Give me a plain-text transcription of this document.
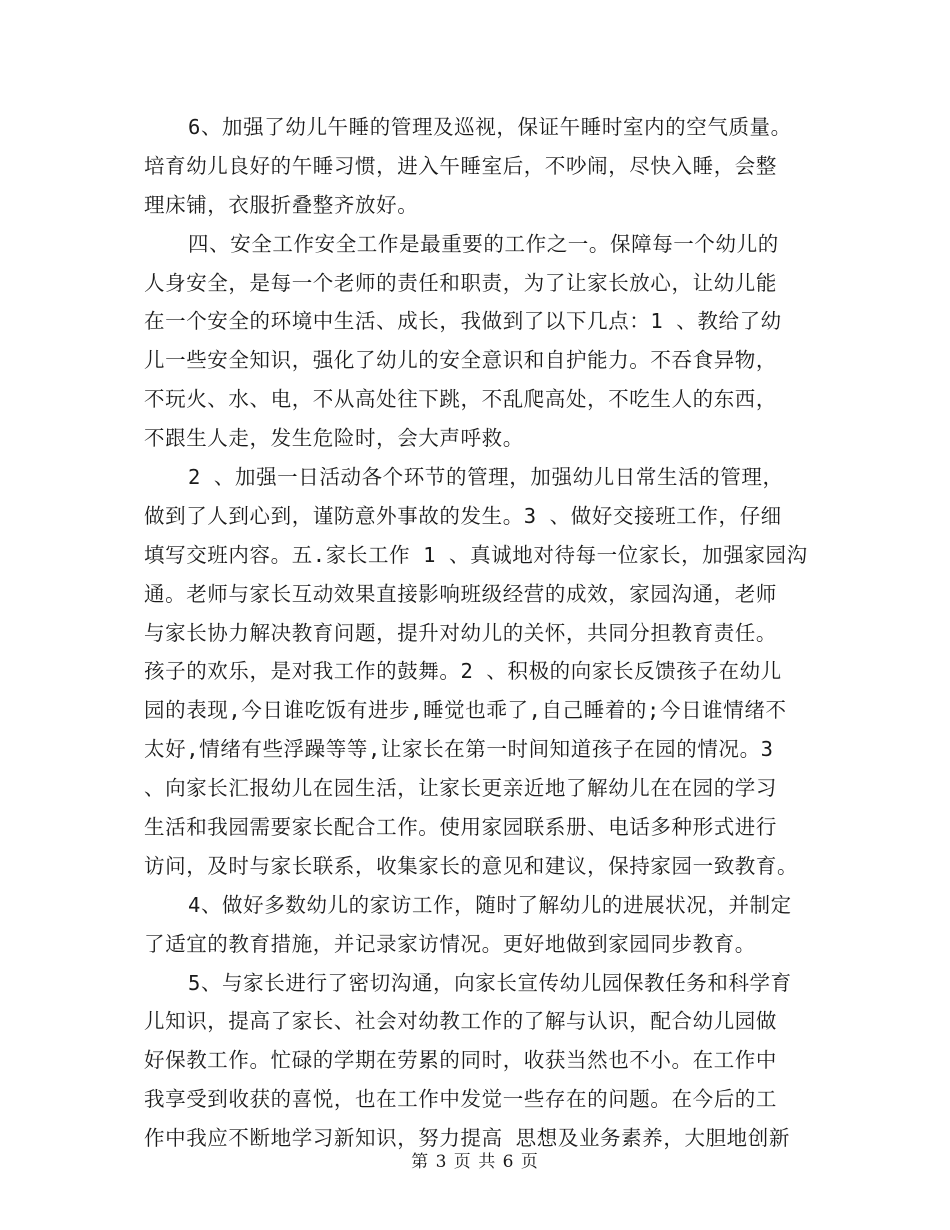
6、加强了幼儿午睡的管理及巡视，保证午睡时室内的空气质量。
培育幼儿良好的午睡习惯，进入午睡室后，不吵闹，尽快入睡，会整
理床铺，衣服折叠整齐放好。
四、安全工作安全工作是最重要的工作之一。保障每一个幼儿的
人身安全，是每一个老师的责任和职责，为了让家长放心，让幼儿能
在一个安全的环境中生活、成长，我做到了以下几点：1 、教给了幼
儿一些安全知识，强化了幼儿的安全意识和自护能力。不吞食异物，
不玩火、水、电，不从高处往下跳，不乱爬高处，不吃生人的东西，
不跟生人走，发生危险时，会大声呼救。
2 、加强一日活动各个环节的管理，加强幼儿日常生活的管理，
做到了人到心到，谨防意外事故的发生。3 、做好交接班工作，仔细
填写交班内容。五.家长工作 1 、真诚地对待每一位家长，加强家园沟
通。老师与家长互动效果直接影响班级经营的成效，家园沟通，老师
与家长协力解决教育问题，提升对幼儿的关怀，共同分担教育责任。
孩子的欢乐，是对我工作的鼓舞。2 、积极的向家长反馈孩子在幼儿
园的表现,今日谁吃饭有进步,睡觉也乖了,自己睡着的;今日谁情绪不
太好,情绪有些浮躁等等,让家长在第一时间知道孩子在园的情况。3
、向家长汇报幼儿在园生活，让家长更亲近地了解幼儿在在园的学习
生活和我园需要家长配合工作。使用家园联系册、电话多种形式进行
访问，及时与家长联系，收集家长的意见和建议，保持家园一致教育。
4、做好多数幼儿的家访工作，随时了解幼儿的进展状况，并制定
了适宜的教育措施，并记录家访情况。更好地做到家园同步教育。
5、与家长进行了密切沟通，向家长宣传幼儿园保教任务和科学育
儿知识，提高了家长、社会对幼教工作的了解与认识，配合幼儿园做
好保教工作。忙碌的学期在劳累的同时，收获当然也不小。在工作中
我享受到收获的喜悦，也在工作中发觉一些存在的问题。在今后的工
作中我应不断地学习新知识，努力提高 思想及业务素养，大胆地创新
第 3 页 共 6 页
